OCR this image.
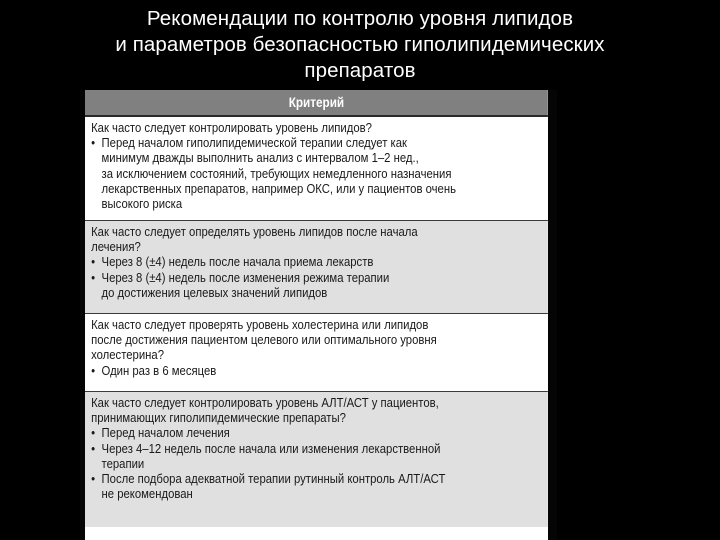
Рекомендации по контролю уровня липидов
и параметров безопасностью гиполипидемических
препаратов
Критерий
Как часто следует контролировать уровень липидов?
• Перед началом гиполипидемической терапии следует как
минимум дважды выполнить анализ с интервалом 1–2 нед.,
за исключением состояний, требующих немедленного назначения
лекарственных препаратов, например ОКС, или у пациентов очень
высокого риска
Как часто следует определять уровень липидов после начала
лечения?
• Через 8 (±4) недель после начала приема лекарств
• Через 8 (±4) недель после изменения режима терапии
до достижения целевых значений липидов
Как часто следует проверять уровень холестерина или липидов
после достижения пациентом целевого или оптимального уровня
холестерина?
• Один раз в 6 месяцев
Как часто следует контролировать уровень АЛТ/АСТ у пациентов,
принимающих гиполипидемические препараты?
• Перед началом лечения
• Через 4–12 недель после начала или изменения лекарственной
терапии
• После подбора адекватной терапии рутинный контроль АЛТ/АСТ
не рекомендован
